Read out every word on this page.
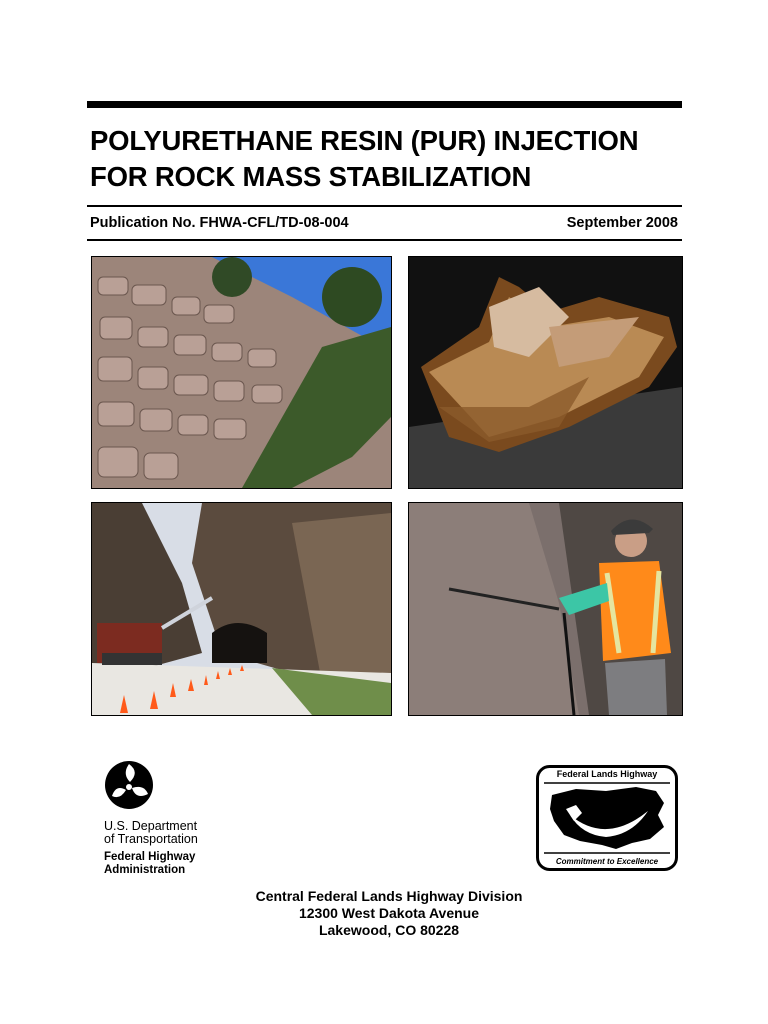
POLYURETHANE RESIN (PUR) INJECTION
FOR ROCK MASS STABILIZATION
Publication No. FHWA-CFL/TD-08-004	September 2008
U.S. Department
of Transportation
Federal Highway
Administration
Federal Lands Highway
Commitment to Excellence
Central Federal Lands Highway Division
12300 West Dakota Avenue
Lakewood, CO 80228
